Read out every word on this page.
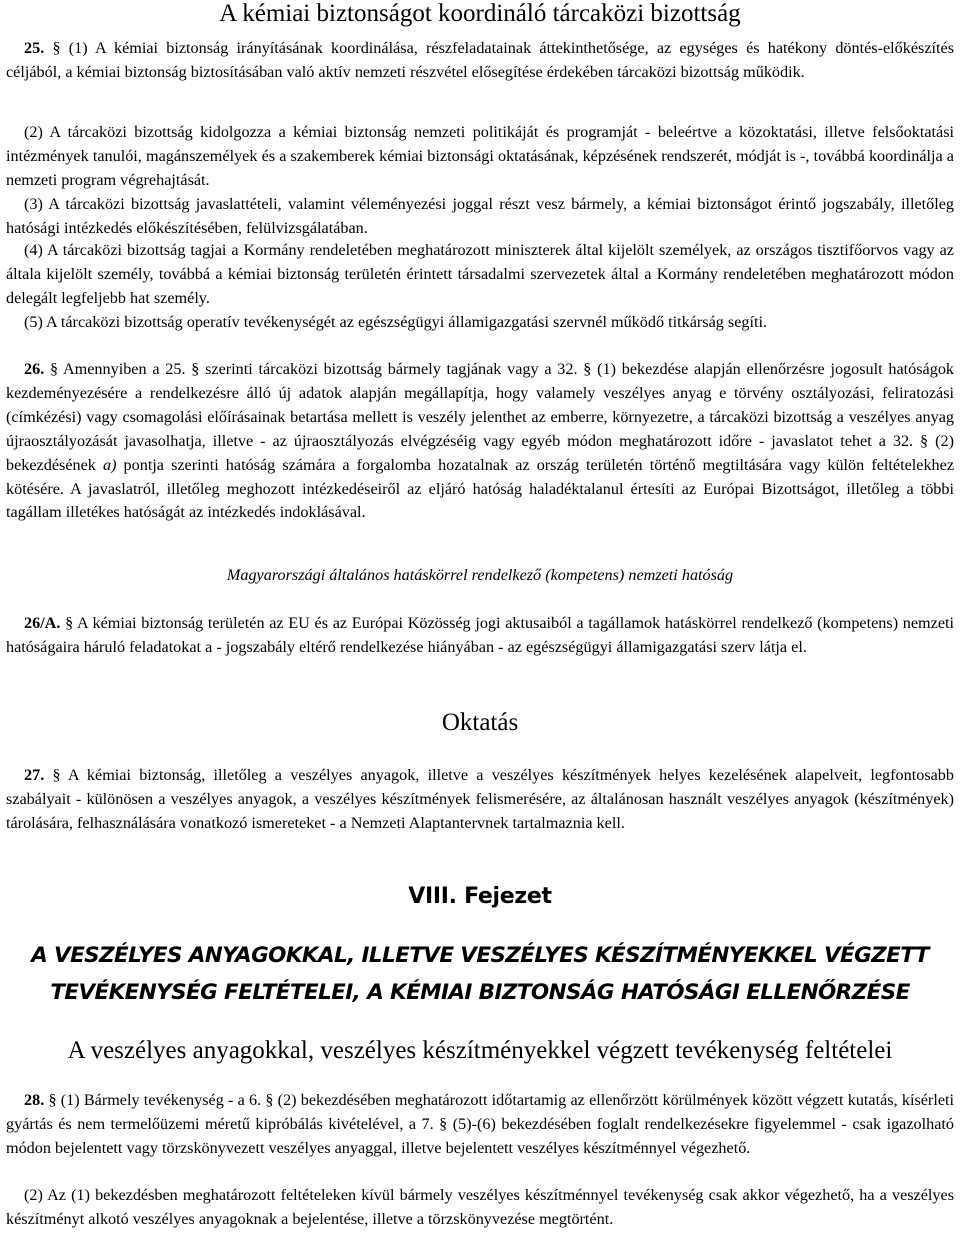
A kémiai biztonságot koordináló tárcaközi bizottság

25. § (1) A kémiai biztonság irányításának koordinálása, részfeladatainak áttekinthetősége, az egységes és hatékony döntés-előkészítés céljából, a kémiai biztonság biztosításában való aktív nemzeti részvétel elősegítése érdekében tárcaközi bizottság működik.

(2) A tárcaközi bizottság kidolgozza a kémiai biztonság nemzeti politikáját és programját - beleértve a közoktatási, illetve felsőoktatási intézmények tanulói, magánszemélyek és a szakemberek kémiai biztonsági oktatásának, képzésének rendszerét, módját is -, továbbá koordinálja a nemzeti program végrehajtását.

(3) A tárcaközi bizottság javaslattételi, valamint véleményezési joggal részt vesz bármely, a kémiai biztonságot érintő jogszabály, illetőleg hatósági intézkedés előkészítésében, felülvizsgálatában.

(4) A tárcaközi bizottság tagjai a Kormány rendeletében meghatározott miniszterek által kijelölt személyek, az országos tisztifőorvos vagy az általa kijelölt személy, továbbá a kémiai biztonság területén érintett társadalmi szervezetek által a Kormány rendeletében meghatározott módon delegált legfeljebb hat személy.

(5) A tárcaközi bizottság operatív tevékenységét az egészségügyi államigazgatási szervnél működő titkárság segíti.

26. § Amennyiben a 25. § szerinti tárcaközi bizottság bármely tagjának vagy a 32. § (1) bekezdése alapján ellenőrzésre jogosult hatóságok kezdeményezésére a rendelkezésre álló új adatok alapján megállapítja, hogy valamely veszélyes anyag e törvény osztályozási, feliratozási (címkézési) vagy csomagolási előírásainak betartása mellett is veszély jelenthet az emberre, környezetre, a tárcaközi bizottság a veszélyes anyag újraosztályozását javasolhatja, illetve - az újraosztályozás elvégzéséig vagy egyéb módon meghatározott időre - javaslatot tehet a 32. § (2) bekezdésének a) pontja szerinti hatóság számára a forgalomba hozatalnak az ország területén történő megtiltására vagy külön feltételekhez kötésére. A javaslatról, illetőleg meghozott intézkedéseiről az eljáró hatóság haladéktalanul értesíti az Európai Bizottságot, illetőleg a többi tagállam illetékes hatóságát az intézkedés indoklásával.

Magyarországi általános hatáskörrel rendelkező (kompetens) nemzeti hatóság

26/A. § A kémiai biztonság területén az EU és az Európai Közösség jogi aktusaiból a tagállamok hatáskörrel rendelkező (kompetens) nemzeti hatóságaira háruló feladatokat a - jogszabály eltérő rendelkezése hiányában - az egészségügyi államigazgatási szerv látja el.

Oktatás

27. § A kémiai biztonság, illetőleg a veszélyes anyagok, illetve a veszélyes készítmények helyes kezelésének alapelveit, legfontosabb szabályait - különösen a veszélyes anyagok, a veszélyes készítmények felismerésére, az általánosan használt veszélyes anyagok (készítmények) tárolására, felhasználására vonatkozó ismereteket - a Nemzeti Alaptantervnek tartalmaznia kell.

VIII. Fejezet
A VESZÉLYES ANYAGOKKAL, ILLETVE VESZÉLYES KÉSZÍTMÉNYEKKEL VÉGZETT
TEVÉKENYSÉG FELTÉTELEI, A KÉMIAI BIZTONSÁG HATÓSÁGI ELLENŐRZÉSE
A veszélyes anyagokkal, veszélyes készítményekkel végzett tevékenység feltételei

28. § (1) Bármely tevékenység - a 6. § (2) bekezdésében meghatározott időtartamig az ellenőrzött körülmények között végzett kutatás, kísérleti gyártás és nem termelőüzemi méretű kipróbálás kivételével, a 7. § (5)-(6) bekezdésében foglalt rendelkezésekre figyelemmel - csak igazolható módon bejelentett vagy törzskönyvezett veszélyes anyaggal, illetve bejelentett veszélyes készítménnyel végezhető.

(2) Az (1) bekezdésben meghatározott feltételeken kívül bármely veszélyes készítménnyel tevékenység csak akkor végezhető, ha a veszélyes készítményt alkotó veszélyes anyagoknak a bejelentése, illetve a törzskönyvezése megtörtént.
